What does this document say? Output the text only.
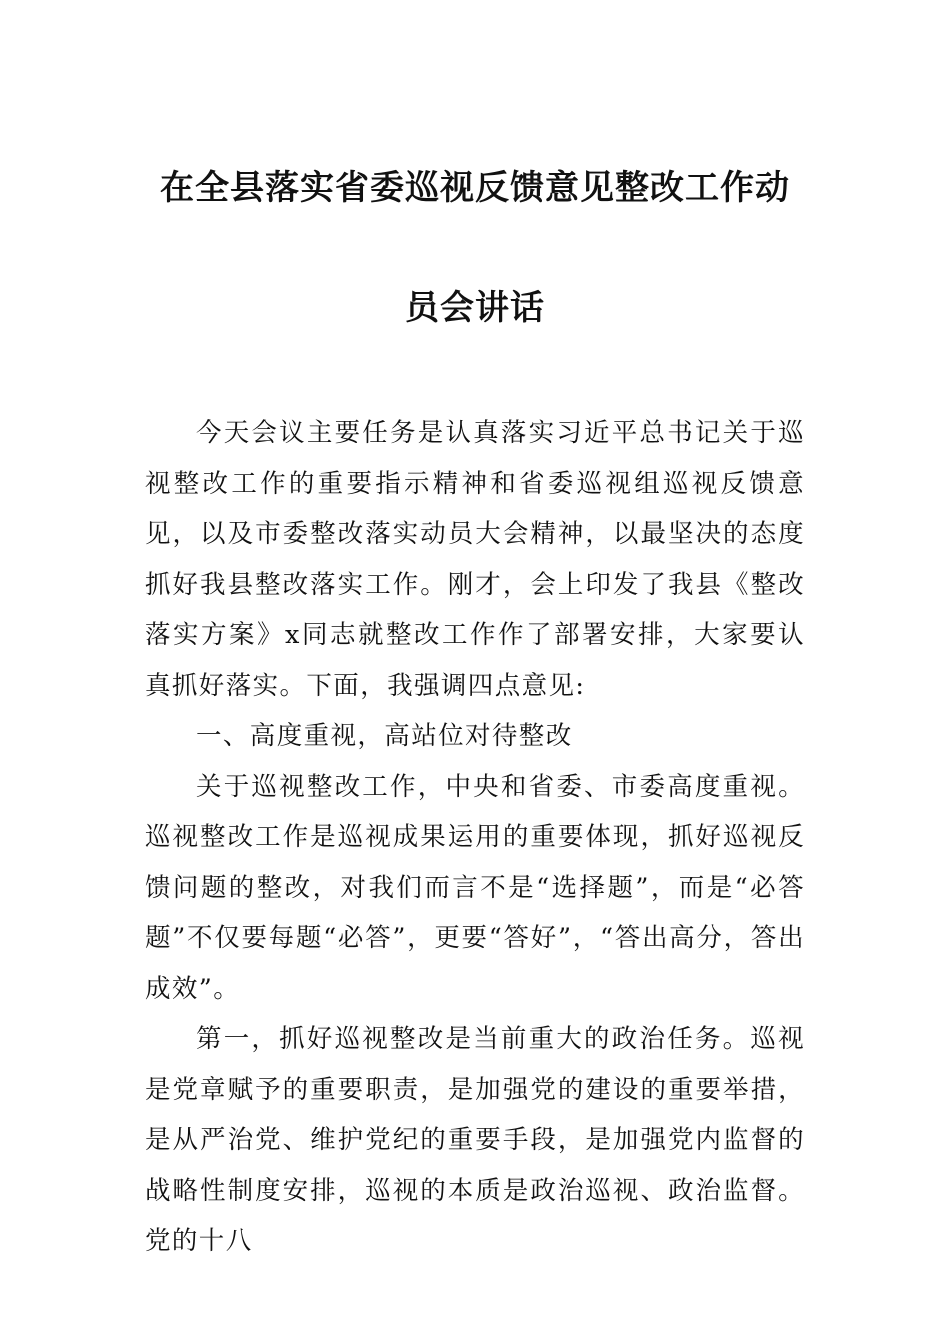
在全县落实省委巡视反馈意见整改工作动
员会讲话

今天会议主要任务是认真落实习近平总书记关于巡视整改工作的重要指示精神和省委巡视组巡视反馈意见，以及市委整改落实动员大会精神，以最坚决的态度抓好我县整改落实工作。刚才，会上印发了我县《整改落实方案》x同志就整改工作作了部署安排，大家要认真抓好落实。下面，我强调四点意见:

一、高度重视，高站位对待整改

关于巡视整改工作，中央和省委、市委高度重视。巡视整改工作是巡视成果运用的重要体现，抓好巡视反馈问题的整改，对我们而言不是“选择题”，而是“必答题”不仅要每题“必答”，更要“答好”，“答出高分，答出成效”。

第一，抓好巡视整改是当前重大的政治任务。巡视是党章赋予的重要职责，是加强党的建设的重要举措，是从严治党、维护党纪的重要手段，是加强党内监督的战略性制度安排，巡视的本质是政治巡视、政治监督。党的十八
